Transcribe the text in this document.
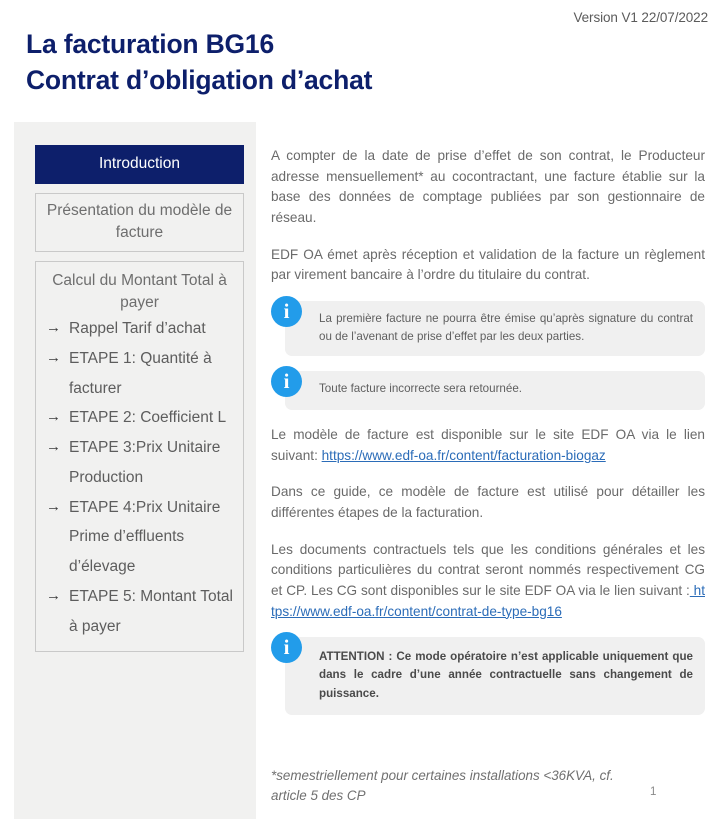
Version V1 22/07/2022
La facturation BG16
Contrat d’obligation d’achat
Introduction
Présentation du modèle de facture
Calcul du Montant Total à payer
→ Rappel Tarif d’achat
→ ETAPE 1: Quantité à facturer
→ ETAPE 2: Coefficient L
→ ETAPE 3:Prix Unitaire Production
→ ETAPE 4:Prix Unitaire Prime d’effluents d’élevage
→ ETAPE 5: Montant Total à payer

A compter de la date de prise d’effet de son contrat, le Producteur adresse mensuellement* au cocontractant, une facture établie sur la base des données de comptage publiées par son gestionnaire de réseau.

EDF OA émet après réception et validation de la facture un règlement par virement bancaire à l’ordre du titulaire du contrat.

i	La première facture ne pourra être émise qu’après signature du contrat ou de l’avenant de prise d’effet par les deux parties.
i	Toute facture incorrecte sera retournée.

Le modèle de facture est disponible sur le site EDF OA via le lien suivant: https://www.edf-oa.fr/content/facturation-biogaz

Dans ce guide, ce modèle de facture est utilisé pour détailler les différentes étapes de la facturation.

Les documents contractuels tels que les conditions générales et les conditions particulières du contrat seront nommés respectivement CG et CP. Les CG sont disponibles sur le site EDF OA via le lien suivant : https://www.edf-oa.fr/content/contrat-de-type-bg16

i	ATTENTION : Ce mode opératoire n’est applicable uniquement que dans le cadre d’une année contractuelle sans changement de puissance.
*semestriellement pour certaines installations <36KVA, cf. article 5 des CP	1
